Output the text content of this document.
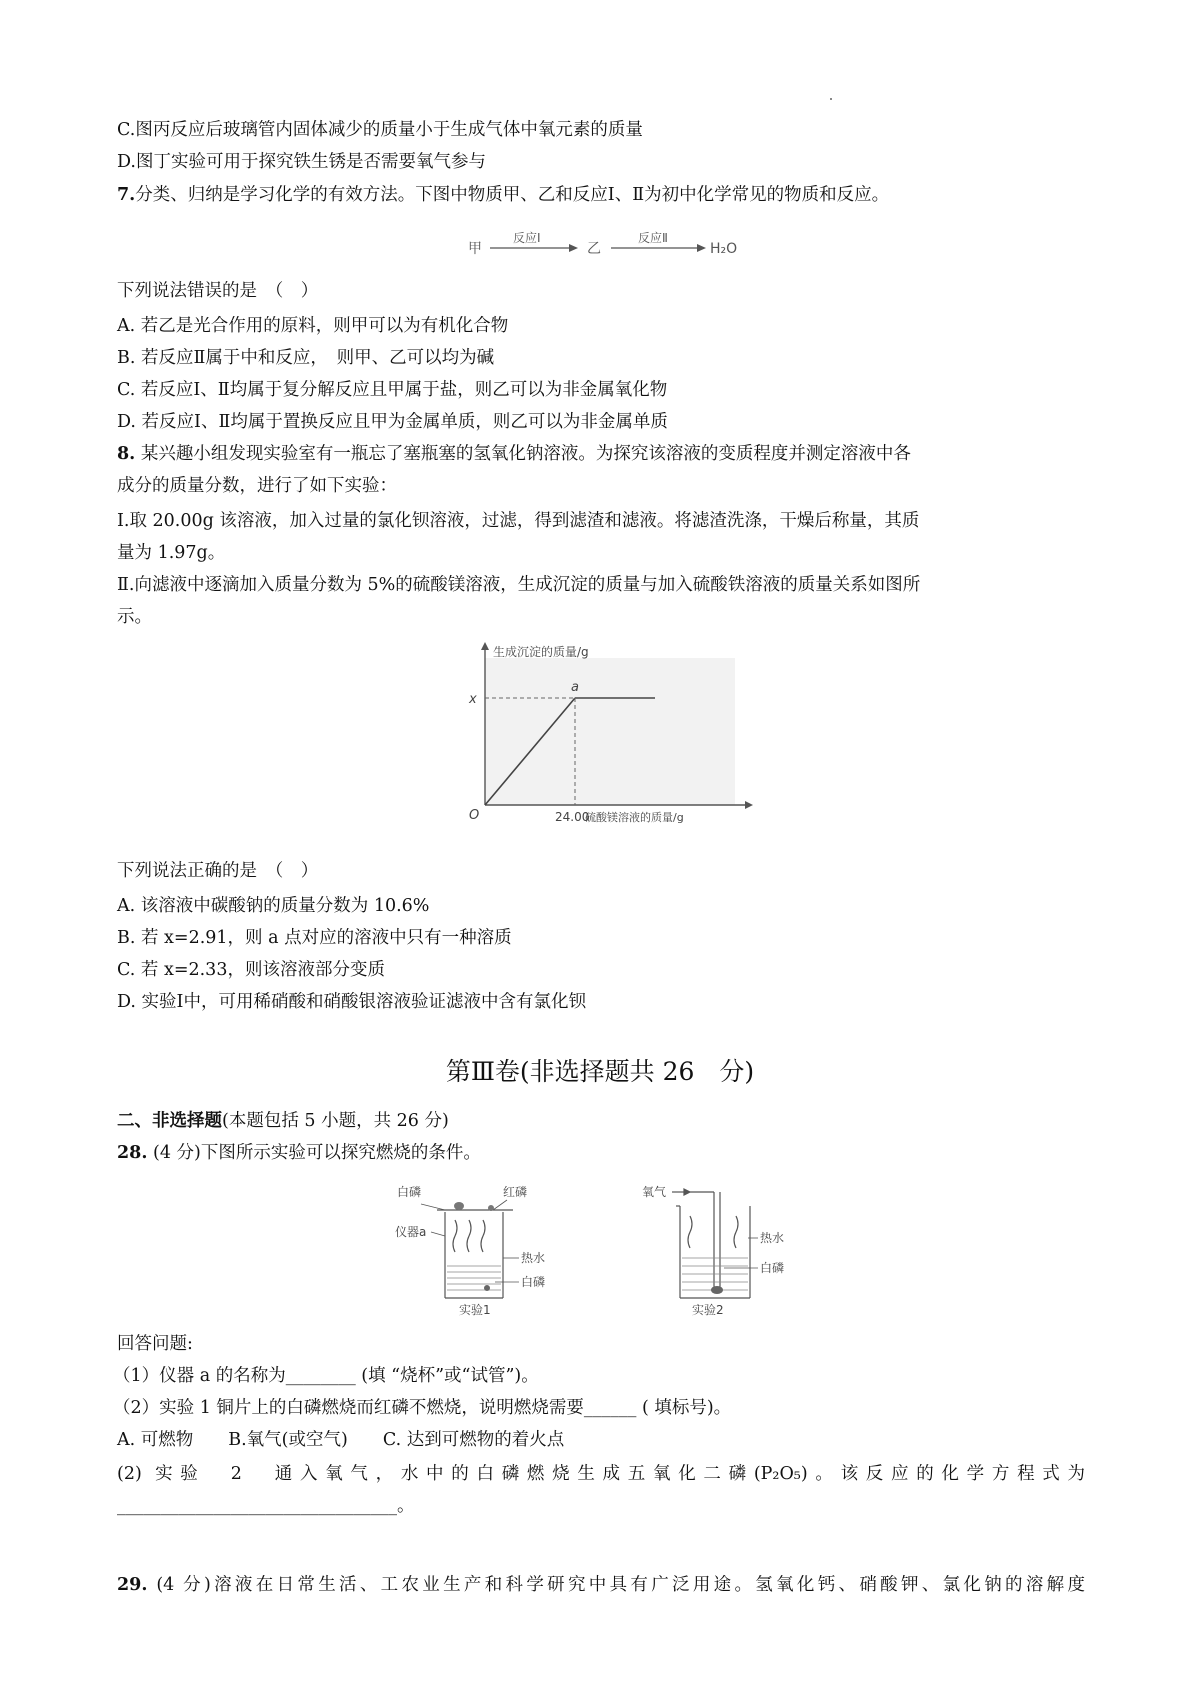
C.图丙反应后玻璃管内固体减少的质量小于生成气体中氧元素的质量
D.图丁实验可用于探究铁生锈是否需要氧气参与
7.分类、归纳是学习化学的有效方法。下图中物质甲、乙和反应Ⅰ、Ⅱ为初中化学常见的物质和反应。
甲
反应Ⅰ
乙
反应Ⅱ
H₂O
下列说法错误的是　（　）
A. 若乙是光合作用的原料，则甲可以为有机化合物
B. 若反应Ⅱ属于中和反应，　则甲、乙可以均为碱
C. 若反应Ⅰ、Ⅱ均属于复分解反应且甲属于盐，则乙可以为非金属氧化物
D. 若反应Ⅰ、Ⅱ均属于置换反应且甲为金属单质，则乙可以为非金属单质
8. 某兴趣小组发现实验室有一瓶忘了塞瓶塞的氢氧化钠溶液。为探究该溶液的变质程度并测定溶液中各
成分的质量分数，进行了如下实验：
Ⅰ.取 20.00g 该溶液，加入过量的氯化钡溶液，过滤，得到滤渣和滤液。将滤渣洗涤，干燥后称量，其质
量为 1.97g。
Ⅱ.向滤液中逐滴加入质量分数为 5%的硫酸镁溶液，生成沉淀的质量与加入硫酸铁溶液的质量关系如图所
示。
生成沉淀的质量/g
硫酸镁溶液的质量/g
O	24.00
x
a
下列说法正确的是　（　）
A. 该溶液中碳酸钠的质量分数为 10.6%
B. 若 x=2.91，则 a 点对应的溶液中只有一种溶质
C. 若 x=2.33，则该溶液部分变质
D. 实验Ⅰ中，可用稀硝酸和硝酸银溶液验证滤液中含有氯化钡
第Ⅲ卷(非选择题共 26　分)
二、非选择题(本题包括 5 小题，共 26 分)
28. (4 分)下图所示实验可以探究燃烧的条件。
白磷	红磷
仪器a
热水
白磷
实验1
氧气
热水
白磷
实验2
回答问题:
（1）仪器 a 的名称为________ (填 “烧杯”或“试管”)。
（2）实验 1 铜片上的白磷燃烧而红磷不燃烧，说明燃烧需要______ ( 填标号)。
A. 可燃物　　B.氧气(或空气)　　C. 达到可燃物的着火点
(2) 实验　2　通入氧气，水中的白磷燃烧生成五氧化二磷(P₂O₅)。该反应的化学方程式为
________________________________。
29. (4 分)溶液在日常生活、工农业生产和科学研究中具有广泛用途。氢氧化钙、硝酸钾、氯化钠的溶解度
